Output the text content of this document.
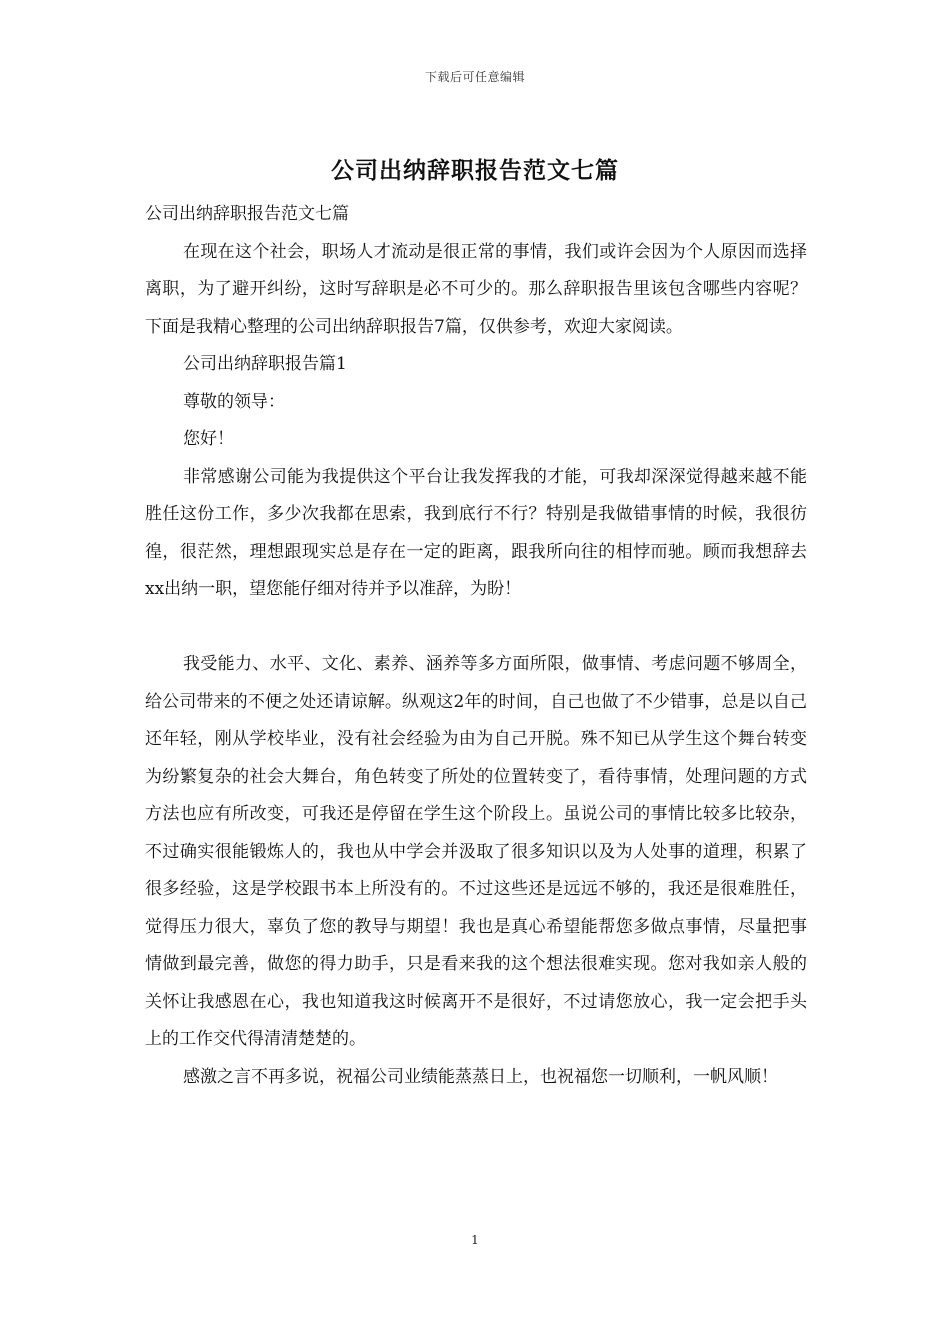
下载后可任意编辑
公司出纳辞职报告范文七篇

公司出纳辞职报告范文七篇

在现在这个社会，职场人才流动是很正常的事情，我们或许会因为个人原因而选择离职，为了避开纠纷，这时写辞职是必不可少的。那么辞职报告里该包含哪些内容呢？下面是我精心整理的公司出纳辞职报告7篇，仅供参考，欢迎大家阅读。

公司出纳辞职报告篇1

尊敬的领导：

您好！

非常感谢公司能为我提供这个平台让我发挥我的才能，可我却深深觉得越来越不能胜任这份工作，多少次我都在思索，我到底行不行？特别是我做错事情的时候，我很彷徨，很茫然，理想跟现实总是存在一定的距离，跟我所向往的相悖而驰。顾而我想辞去xx出纳一职，望您能仔细对待并予以准辞，为盼！

我受能力、水平、文化、素养、涵养等多方面所限，做事情、考虑问题不够周全，给公司带来的不便之处还请谅解。纵观这2年的时间，自己也做了不少错事，总是以自己还年轻，刚从学校毕业，没有社会经验为由为自己开脱。殊不知已从学生这个舞台转变为纷繁复杂的社会大舞台，角色转变了所处的位置转变了，看待事情，处理问题的方式方法也应有所改变，可我还是停留在学生这个阶段上。虽说公司的事情比较多比较杂，不过确实很能锻炼人的，我也从中学会并汲取了很多知识以及为人处事的道理，积累了很多经验，这是学校跟书本上所没有的。不过这些还是远远不够的，我还是很难胜任，觉得压力很大，辜负了您的教导与期望！我也是真心希望能帮您多做点事情，尽量把事情做到最完善，做您的得力助手，只是看来我的这个想法很难实现。您对我如亲人般的关怀让我感恩在心，我也知道我这时候离开不是很好，不过请您放心，我一定会把手头上的工作交代得清清楚楚的。

感激之言不再多说，祝福公司业绩能蒸蒸日上，也祝福您一切顺利，一帆风顺！

1
